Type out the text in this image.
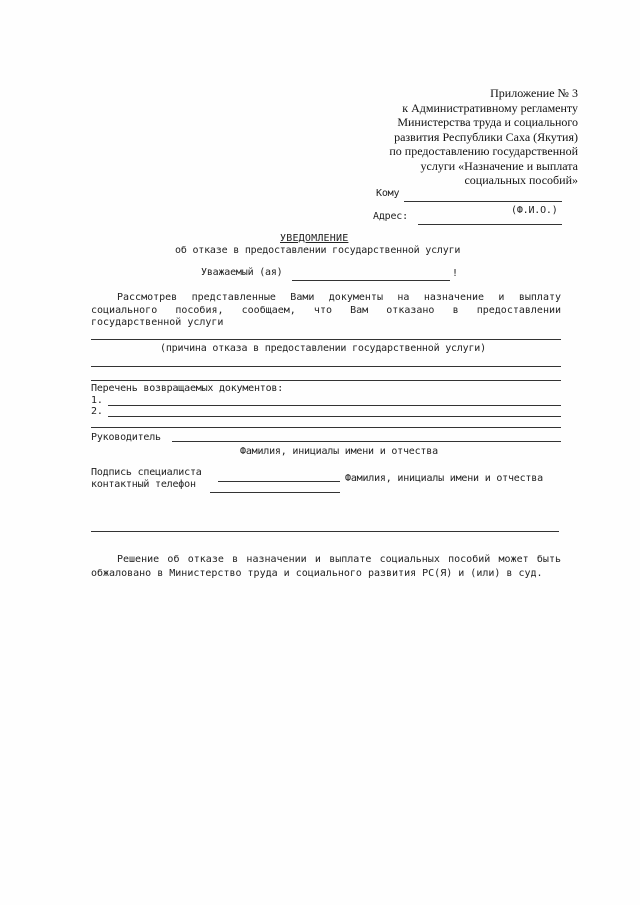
Приложение № 3
к Административному регламенту
Министерства труда и социального
развития Республики Саха (Якутия)
по предоставлению государственной
услуги «Назначение и выплата
социальных пособий»
Кому
(Ф.И.О.)
Адрес:
УВЕДОМЛЕНИЕ
об отказе в предоставлении государственной услуги
Уважаемый (ая)	!
Рассмотрев представленные Вами документы на назначение и выплату социального пособия, сообщаем, что Вам отказано в предоставлении государственной услуги
(причина отказа в предоставлении государственной услуги)
Перечень возвращаемых документов:
1.
2.
Руководитель
Фамилия, инициалы имени и отчества
Подпись специалиста
Фамилия, инициалы имени и отчества
контактный телефон
Решение об отказе в назначении и выплате социальных пособий может быть обжаловано в Министерство труда и социального развития РС(Я) и (или) в суд.
